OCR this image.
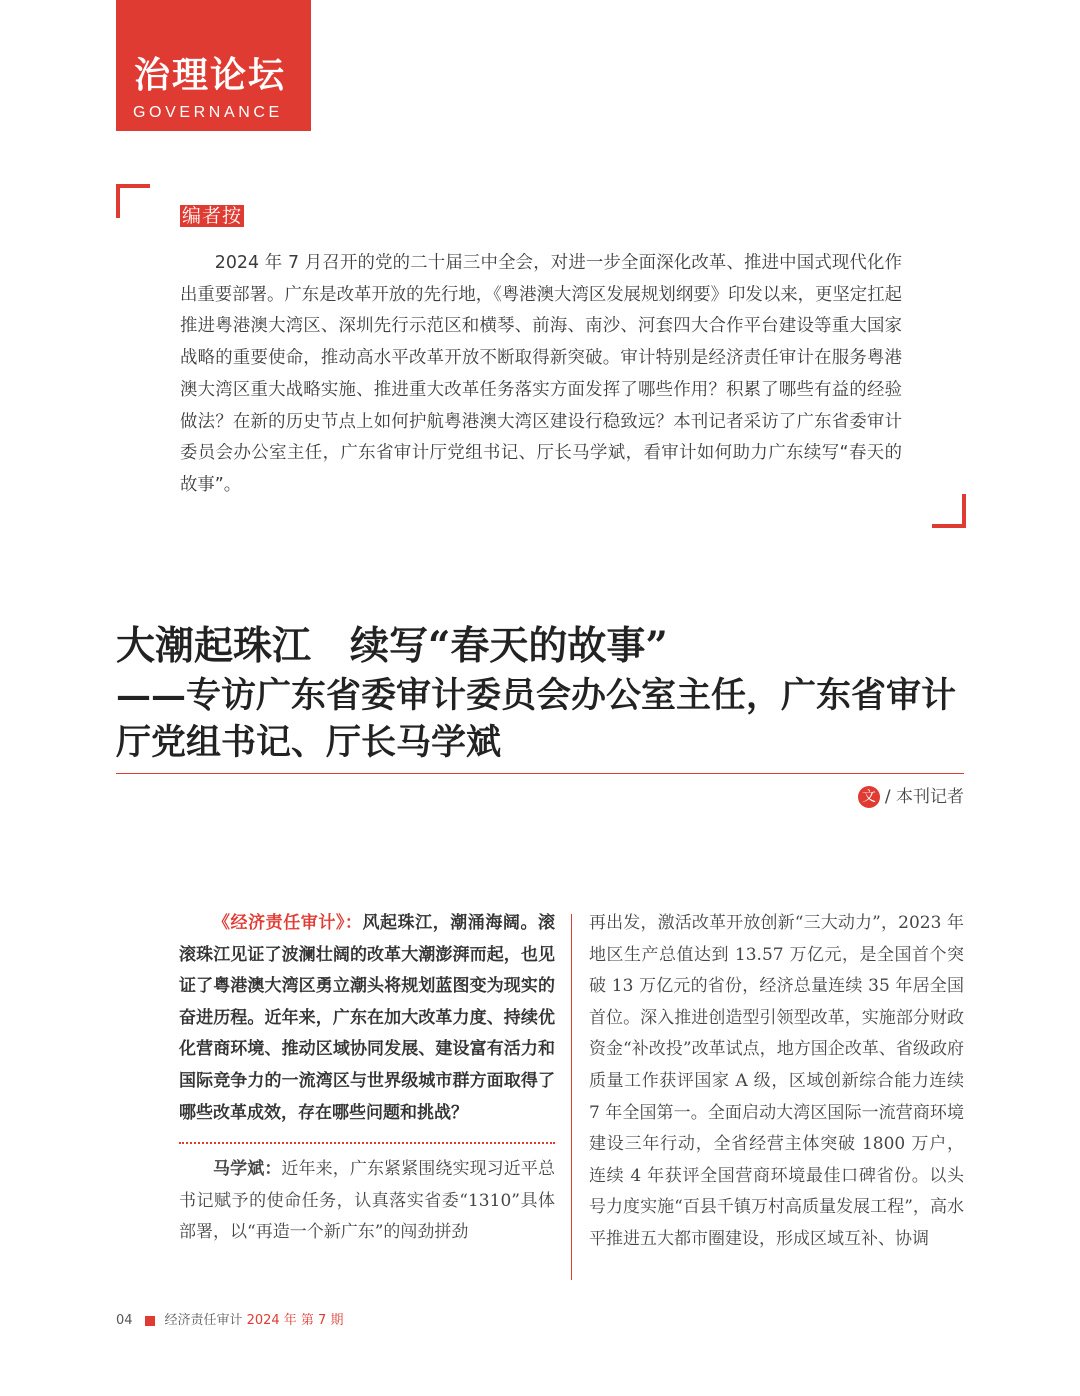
治理论坛
GOVERNANCE
编者按

2024 年 7 月召开的党的二十届三中全会，对进一步全面深化改革、推进中国式现代化作出重要部署。广东是改革开放的先行地，《粤港澳大湾区发展规划纲要》印发以来，更坚定扛起推进粤港澳大湾区、深圳先行示范区和横琴、前海、南沙、河套四大合作平台建设等重大国家战略的重要使命，推动高水平改革开放不断取得新突破。审计特别是经济责任审计在服务粤港澳大湾区重大战略实施、推进重大改革任务落实方面发挥了哪些作用？积累了哪些有益的经验做法？在新的历史节点上如何护航粤港澳大湾区建设行稳致远？本刊记者采访了广东省委审计委员会办公室主任，广东省审计厅党组书记、厅长马学斌，看审计如何助力广东续写“春天的故事”。

大潮起珠江　续写“春天的故事”
——专访广东省委审计委员会办公室主任，广东省审计厅党组书记、厅长马学斌
文 / 本刊记者

《经济责任审计》：风起珠江，潮涌海阔。滚滚珠江见证了波澜壮阔的改革大潮澎湃而起，也见证了粤港澳大湾区勇立潮头将规划蓝图变为现实的奋进历程。近年来，广东在加大改革力度、持续优化营商环境、推动区域协同发展、建设富有活力和国际竞争力的一流湾区与世界级城市群方面取得了哪些改革成效，存在哪些问题和挑战？

马学斌：近年来，广东紧紧围绕实现习近平总书记赋予的使命任务，认真落实省委“1310”具体部署，以“再造一个新广东”的闯劲拼劲

再出发，激活改革开放创新“三大动力”，2023 年地区生产总值达到 13.57 万亿元，是全国首个突破 13 万亿元的省份，经济总量连续 35 年居全国首位。深入推进创造型引领型改革，实施部分财政资金“补改投”改革试点，地方国企改革、省级政府质量工作获评国家 A 级，区域创新综合能力连续 7 年全国第一。全面启动大湾区国际一流营商环境建设三年行动，全省经营主体突破 1800 万户，连续 4 年获评全国营商环境最佳口碑省份。以头号力度实施“百县千镇万村高质量发展工程”，高水平推进五大都市圈建设，形成区域互补、协调

04 经济责任审计 2024 年 第 7 期
